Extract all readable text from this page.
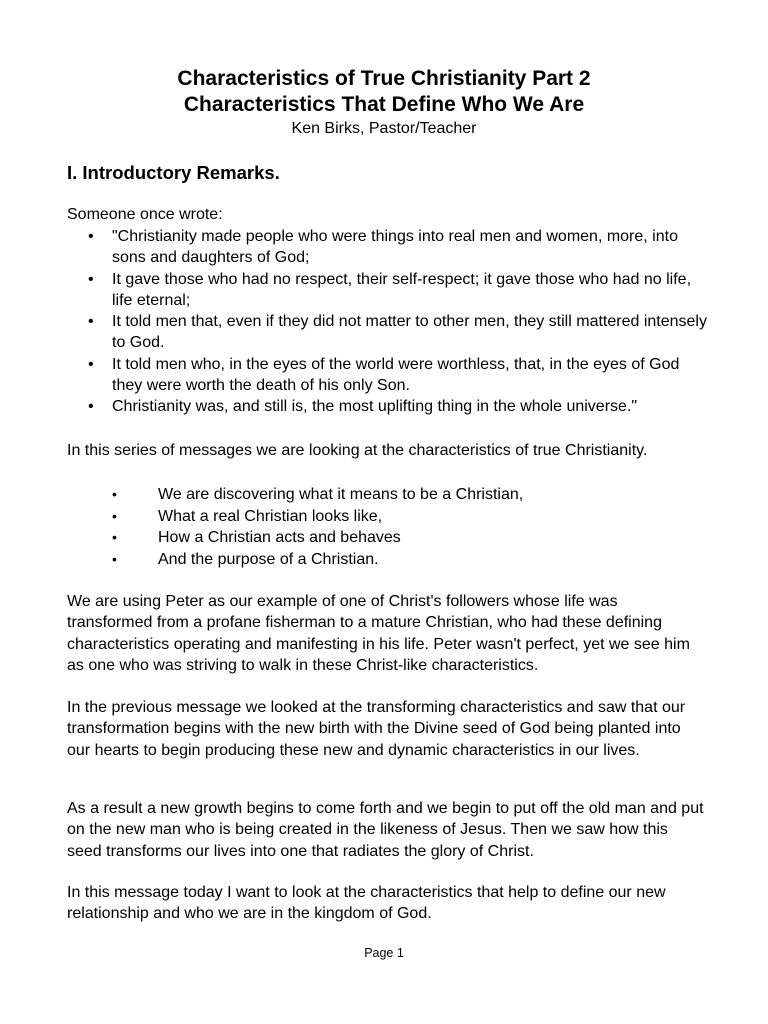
Characteristics of True Christianity Part 2
Characteristics That Define Who We Are
Ken Birks, Pastor/Teacher
I. Introductory Remarks.
Someone once wrote:
• "Christianity made people who were things into real men and women, more, into sons and daughters of God;
• It gave those who had no respect, their self-respect; it gave those who had no life, life eternal;
• It told men that, even if they did not matter to other men, they still mattered intensely to God.
• It told men who, in the eyes of the world were worthless, that, in the eyes of God they were worth the death of his only Son.
• Christianity was, and still is, the most uplifting thing in the whole universe."
In this series of messages we are looking at the characteristics of true Christianity.
• We are discovering what it means to be a Christian,
• What a real Christian looks like,
• How a Christian acts and behaves
• And the purpose of a Christian.
We are using Peter as our example of one of Christ's followers whose life was transformed from a profane fisherman to a mature Christian, who had these defining characteristics operating and manifesting in his life. Peter wasn't perfect, yet we see him as one who was striving to walk in these Christ-like characteristics.
In the previous message we looked at the transforming characteristics and saw that our transformation begins with the new birth with the Divine seed of God being planted into our hearts to begin producing these new and dynamic characteristics in our lives.
As a result a new growth begins to come forth and we begin to put off the old man and put on the new man who is being created in the likeness of Jesus. Then we saw how this seed transforms our lives into one that radiates the glory of Christ.
In this message today I want to look at the characteristics that help to define our new relationship and who we are in the kingdom of God.
Page 1
